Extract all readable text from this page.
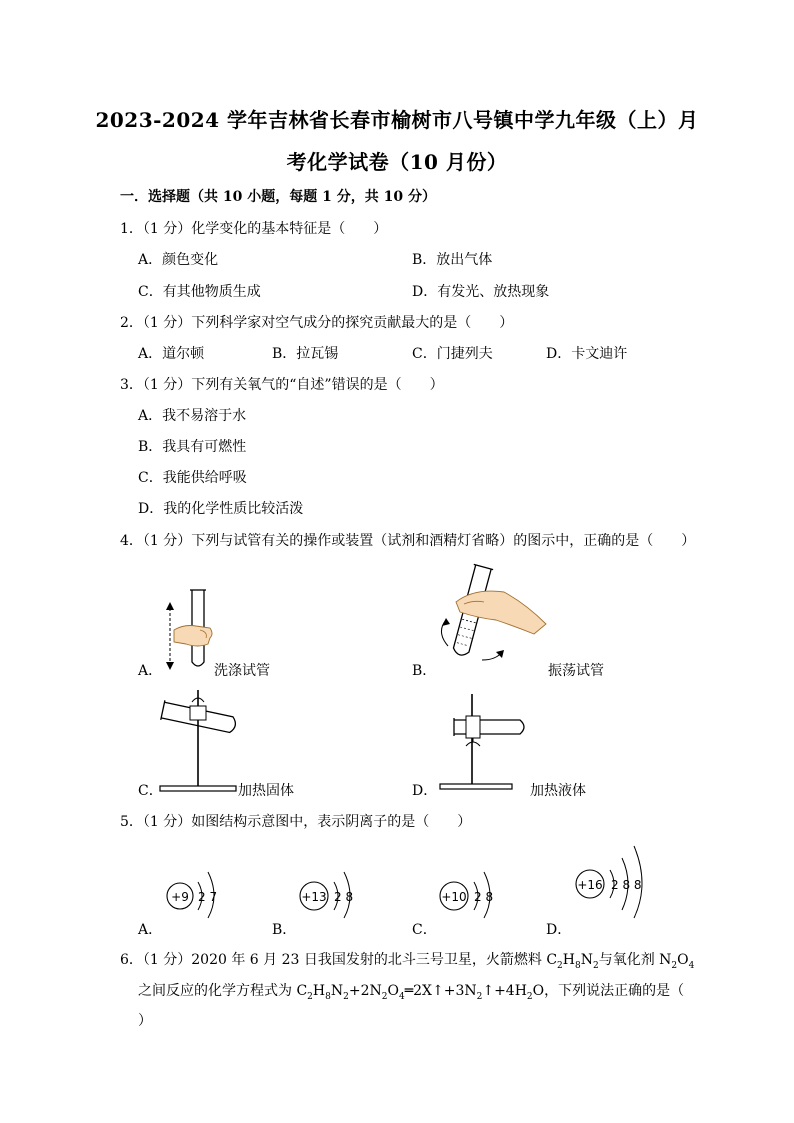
2023-2024 学年吉林省长春市榆树市八号镇中学九年级（上）月
考化学试卷（10 月份）
一．选择题（共 10 小题，每题 1 分，共 10 分）
1．（1 分）化学变化的基本特征是（　　）
A．颜色变化	B．放出气体
C．有其他物质生成	D．有发光、放热现象
2．（1 分）下列科学家对空气成分的探究贡献最大的是（　　）
A．道尔顿	B．拉瓦锡	C．门捷列夫	D．卡文迪许
3．（1 分）下列有关氧气的“自述”错误的是（　　）
A．我不易溶于水
B．我具有可燃性
C．我能供给呼吸
D．我的化学性质比较活泼
4．（1 分）下列与试管有关的操作或装置（试剂和酒精灯省略）的图示中，正确的是（　　）
A．	洗涤试管	B．	振荡试管
C．	加热固体	D．	加热液体
5．（1 分）如图结构示意图中，表示阴离子的是（　　）
+9 2 7
A．
+13 2 8
B．
+10 2 8
C．
+16 2 8 8
D．
6．（1 分）2020 年 6 月 23 日我国发射的北斗三号卫星，火箭燃料 $C_2H_8N_2$与氧化剂 $N_2O_4$
之间反应的化学方程式为 $C_2H_8N_2+2N_2O_4═2X↑+3N_2↑+4H_2O$，下列说法正确的是（
）
